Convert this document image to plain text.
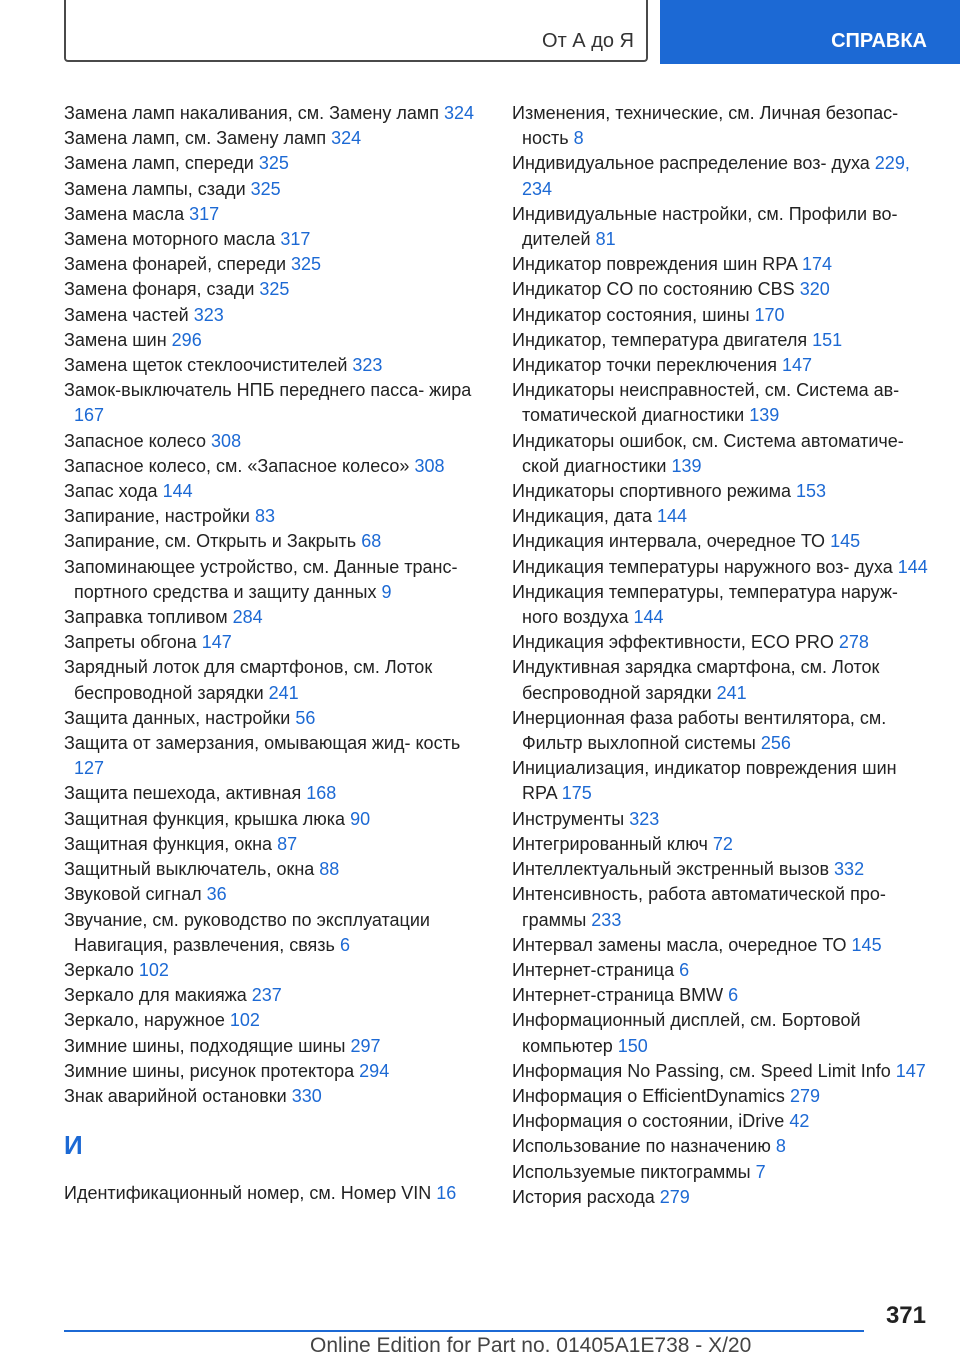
От А до Я	СПРАВКА
Замена ламп накаливания, см. Замену ламп 324
Замена ламп, см. Замену ламп 324
Замена ламп, спереди 325
Замена лампы, сзади 325
Замена масла 317
Замена моторного масла 317
Замена фонарей, спереди 325
Замена фонаря, сзади 325
Замена частей 323
Замена шин 296
Замена щеток стеклоочистителей 323
Замок-выключатель НПБ переднего пасса- жира 167
Запасное колесо 308
Запасное колесо, см. «Запасное колесо» 308
Запас хода 144
Запирание, настройки 83
Запирание, см. Открыть и Закрыть 68
Запоминающее устройство, см. Данные транс- портного средства и защиту данных 9
Заправка топливом 284
Запреты обгона 147
Зарядный лоток для смартфонов, см. Лоток беспроводной зарядки 241
Защита данных, настройки 56
Защита от замерзания, омывающая жид- кость 127
Защита пешехода, активная 168
Защитная функция, крышка люка 90
Защитная функция, окна 87
Защитный выключатель, окна 88
Звуковой сигнал 36
Звучание, см. руководство по эксплуатации Навигация, развлечения, связь 6
Зеркало 102
Зеркало для макияжа 237
Зеркало, наружное 102
Зимние шины, подходящие шины 297
Зимние шины, рисунок протектора 294
Знак аварийной остановки 330
И
Идентификационный номер, см. Номер VIN 16
Изменения, технические, см. Личная безопас- ность 8
Индивидуальное распределение воз- духа 229, 234
Индивидуальные настройки, см. Профили во- дителей 81
Индикатор повреждения шин RPA 174
Индикатор CO по состоянию CBS 320
Индикатор состояния, шины 170
Индикатор, температура двигателя 151
Индикатор точки переключения 147
Индикаторы неисправностей, см. Система ав- томатической диагностики 139
Индикаторы ошибок, см. Система автоматиче- ской диагностики 139
Индикаторы спортивного режима 153
Индикация, дата 144
Индикация интервала, очередное ТО 145
Индикация температуры наружного воз- духа 144
Индикация температуры, температура наруж- ного воздуха 144
Индикация эффективности, ECO PRO 278
Индуктивная зарядка смартфона, см. Лоток беспроводной зарядки 241
Инерционная фаза работы вентилятора, см. Фильтр выхлопной системы 256
Инициализация, индикатор повреждения шин RPA 175
Инструменты 323
Интегрированный ключ 72
Интеллектуальный экстренный вызов 332
Интенсивность, работа автоматической про- граммы 233
Интервал замены масла, очередное ТО 145
Интернет-страница 6
Интернет-страница BMW 6
Информационный дисплей, см. Бортовой компьютер 150
Информация No Passing, см. Speed Limit Info 147
Информация о EfficientDynamics 279
Информация о состоянии, iDrive 42
Использование по назначению 8
Используемые пиктограммы 7
История расхода 279
371
Online Edition for Part no. 01405A1E738 - X/20
